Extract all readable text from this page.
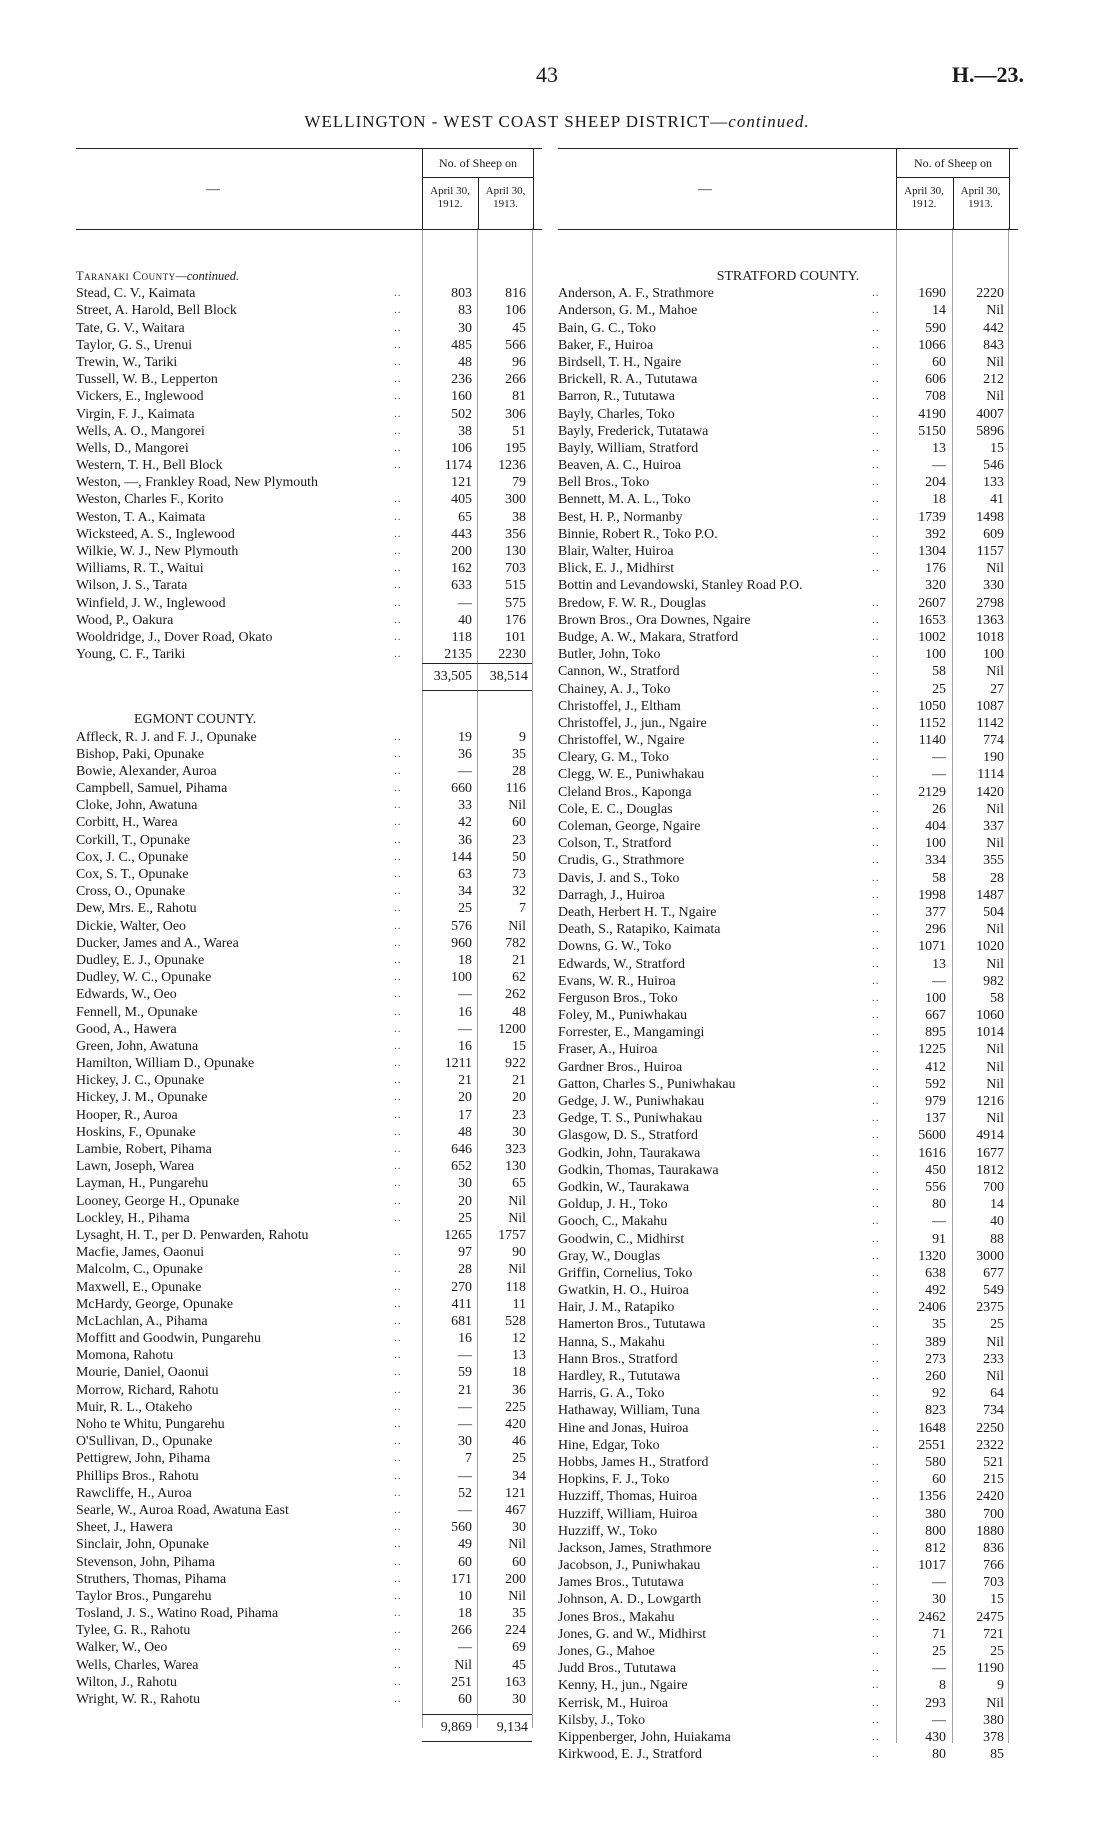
43	H.—23.
WELLINGTON - WEST COAST SHEEP DISTRICT—continued.
—
No. of Sheep on
April 30, 1912.
April 30, 1913.
Taranaki County—continued.
Stead, C. V., Kaimata	..	803	816
Street, A. Harold, Bell Block	..	83	106
Tate, G. V., Waitara	..	30	45
Taylor, G. S., Urenui	..	485	566
Trewin, W., Tariki	..	48	96
Tussell, W. B., Lepperton	..	236	266
Vickers, E., Inglewood	..	160	81
Virgin, F. J., Kaimata	..	502	306
Wells, A. O., Mangorei	..	38	51
Wells, D., Mangorei	..	106	195
Western, T. H., Bell Block	..	1174	1236
Weston, —, Frankley Road, New Plymouth	121	79
Weston, Charles F., Korito	..	405	300
Weston, T. A., Kaimata	..	65	38
Wicksteed, A. S., Inglewood	..	443	356
Wilkie, W. J., New Plymouth	..	200	130
Williams, R. T., Waitui	..	162	703
Wilson, J. S., Tarata	..	633	515
Winfield, J. W., Inglewood	..	—	575
Wood, P., Oakura	..	40	176
Wooldridge, J., Dover Road, Okato	..	118	101
Young, C. F., Tariki	..	2135	2230
33,505	38,514
EGMONT COUNTY.
Affleck, R. J. and F. J., Opunake	..	19	9
Bishop, Paki, Opunake	..	36	35
Bowie, Alexander, Auroa	..	—	28
Campbell, Samuel, Pihama	..	660	116
Cloke, John, Awatuna	..	33	Nil
Corbitt, H., Warea	..	42	60
Corkill, T., Opunake	..	36	23
Cox, J. C., Opunake	..	144	50
Cox, S. T., Opunake	..	63	73
Cross, O., Opunake	..	34	32
Dew, Mrs. E., Rahotu	..	25	7
Dickie, Walter, Oeo	..	576	Nil
Ducker, James and A., Warea	..	960	782
Dudley, E. J., Opunake	..	18	21
Dudley, W. C., Opunake	..	100	62
Edwards, W., Oeo	..	—	262
Fennell, M., Opunake	..	16	48
Good, A., Hawera	..	—	1200
Green, John, Awatuna	..	16	15
Hamilton, William D., Opunake	..	1211	922
Hickey, J. C., Opunake	..	21	21
Hickey, J. M., Opunake	..	20	20
Hooper, R., Auroa	..	17	23
Hoskins, F., Opunake	..	48	30
Lambie, Robert, Pihama	..	646	323
Lawn, Joseph, Warea	..	652	130
Layman, H., Pungarehu	..	30	65
Looney, George H., Opunake	..	20	Nil
Lockley, H., Pihama	..	25	Nil
Lysaght, H. T., per D. Penwarden, Rahotu	1265	1757
Macfie, James, Oaonui	..	97	90
Malcolm, C., Opunake	..	28	Nil
Maxwell, E., Opunake	..	270	118
McHardy, George, Opunake	..	411	11
McLachlan, A., Pihama	..	681	528
Moffitt and Goodwin, Pungarehu	..	16	12
Momona, Rahotu	..	—	13
Mourie, Daniel, Oaonui	..	59	18
Morrow, Richard, Rahotu	..	21	36
Muir, R. L., Otakeho	..	—	225
Noho te Whitu, Pungarehu	..	—	420
O'Sullivan, D., Opunake	..	30	46
Pettigrew, John, Pihama	..	7	25
Phillips Bros., Rahotu	..	—	34
Rawcliffe, H., Auroa	..	52	121
Searle, W., Auroa Road, Awatuna East	..	—	467
Sheet, J., Hawera	..	560	30
Sinclair, John, Opunake	..	49	Nil
Stevenson, John, Pihama	..	60	60
Struthers, Thomas, Pihama	..	171	200
Taylor Bros., Pungarehu	..	10	Nil
Tosland, J. S., Watino Road, Pihama	..	18	35
Tylee, G. R., Rahotu	..	266	224
Walker, W., Oeo	..	—	69
Wells, Charles, Warea	..	Nil	45
Wilton, J., Rahotu	..	251	163
Wright, W. R., Rahotu	..	60	30
9,869	9,134
—
No. of Sheep on
April 30, 1912.
April 30, 1913.
STRATFORD COUNTY.
Anderson, A. F., Strathmore	..	1690	2220
Anderson, G. M., Mahoe	..	14	Nil
Bain, G. C., Toko	..	590	442
Baker, F., Huiroa	..	1066	843
Birdsell, T. H., Ngaire	..	60	Nil
Brickell, R. A., Tututawa	..	606	212
Barron, R., Tututawa	..	708	Nil
Bayly, Charles, Toko	..	4190	4007
Bayly, Frederick, Tutatawa	..	5150	5896
Bayly, William, Stratford	..	13	15
Beaven, A. C., Huiroa	..	—	546
Bell Bros., Toko	..	204	133
Bennett, M. A. L., Toko	..	18	41
Best, H. P., Normanby	..	1739	1498
Binnie, Robert R., Toko P.O.	..	392	609
Blair, Walter, Huiroa	..	1304	1157
Blick, E. J., Midhirst	..	176	Nil
Bottin and Levandowski, Stanley Road P.O.	320	330
Bredow, F. W. R., Douglas	..	2607	2798
Brown Bros., Ora Downes, Ngaire	..	1653	1363
Budge, A. W., Makara, Stratford	..	1002	1018
Butler, John, Toko	..	100	100
Cannon, W., Stratford	..	58	Nil
Chainey, A. J., Toko	..	25	27
Christoffel, J., Eltham	..	1050	1087
Christoffel, J., jun., Ngaire	..	1152	1142
Christoffel, W., Ngaire	..	1140	774
Cleary, G. M., Toko	..	—	190
Clegg, W. E., Puniwhakau	..	—	1114
Cleland Bros., Kaponga	..	2129	1420
Cole, E. C., Douglas	..	26	Nil
Coleman, George, Ngaire	..	404	337
Colson, T., Stratford	..	100	Nil
Crudis, G., Strathmore	..	334	355
Davis, J. and S., Toko	..	58	28
Darragh, J., Huiroa	..	1998	1487
Death, Herbert H. T., Ngaire	..	377	504
Death, S., Ratapiko, Kaimata	..	296	Nil
Downs, G. W., Toko	..	1071	1020
Edwards, W., Stratford	..	13	Nil
Evans, W. R., Huiroa	..	—	982
Ferguson Bros., Toko	..	100	58
Foley, M., Puniwhakau	..	667	1060
Forrester, E., Mangamingi	..	895	1014
Fraser, A., Huiroa	..	1225	Nil
Gardner Bros., Huiroa	..	412	Nil
Gatton, Charles S., Puniwhakau	..	592	Nil
Gedge, J. W., Puniwhakau	..	979	1216
Gedge, T. S., Puniwhakau	..	137	Nil
Glasgow, D. S., Stratford	..	5600	4914
Godkin, John, Taurakawa	..	1616	1677
Godkin, Thomas, Taurakawa	..	450	1812
Godkin, W., Taurakawa	..	556	700
Goldup, J. H., Toko	..	80	14
Gooch, C., Makahu	..	—	40
Goodwin, C., Midhirst	..	91	88
Gray, W., Douglas	..	1320	3000
Griffin, Cornelius, Toko	..	638	677
Gwatkin, H. O., Huiroa	..	492	549
Hair, J. M., Ratapiko	..	2406	2375
Hamerton Bros., Tututawa	..	35	25
Hanna, S., Makahu	..	389	Nil
Hann Bros., Stratford	..	273	233
Hardley, R., Tututawa	..	260	Nil
Harris, G. A., Toko	..	92	64
Hathaway, William, Tuna	..	823	734
Hine and Jonas, Huiroa	..	1648	2250
Hine, Edgar, Toko	..	2551	2322
Hobbs, James H., Stratford	..	580	521
Hopkins, F. J., Toko	..	60	215
Huzziff, Thomas, Huiroa	..	1356	2420
Huzziff, William, Huiroa	..	380	700
Huzziff, W., Toko	..	800	1880
Jackson, James, Strathmore	..	812	836
Jacobson, J., Puniwhakau	..	1017	766
James Bros., Tututawa	..	—	703
Johnson, A. D., Lowgarth	..	30	15
Jones Bros., Makahu	..	2462	2475
Jones, G. and W., Midhirst	..	71	721
Jones, G., Mahoe	..	25	25
Judd Bros., Tututawa	..	—	1190
Kenny, H., jun., Ngaire	..	8	9
Kerrisk, M., Huiroa	..	293	Nil
Kilsby, J., Toko	..	—	380
Kippenberger, John, Huiakama	..	430	378
Kirkwood, E. J., Stratford	..	80	85
